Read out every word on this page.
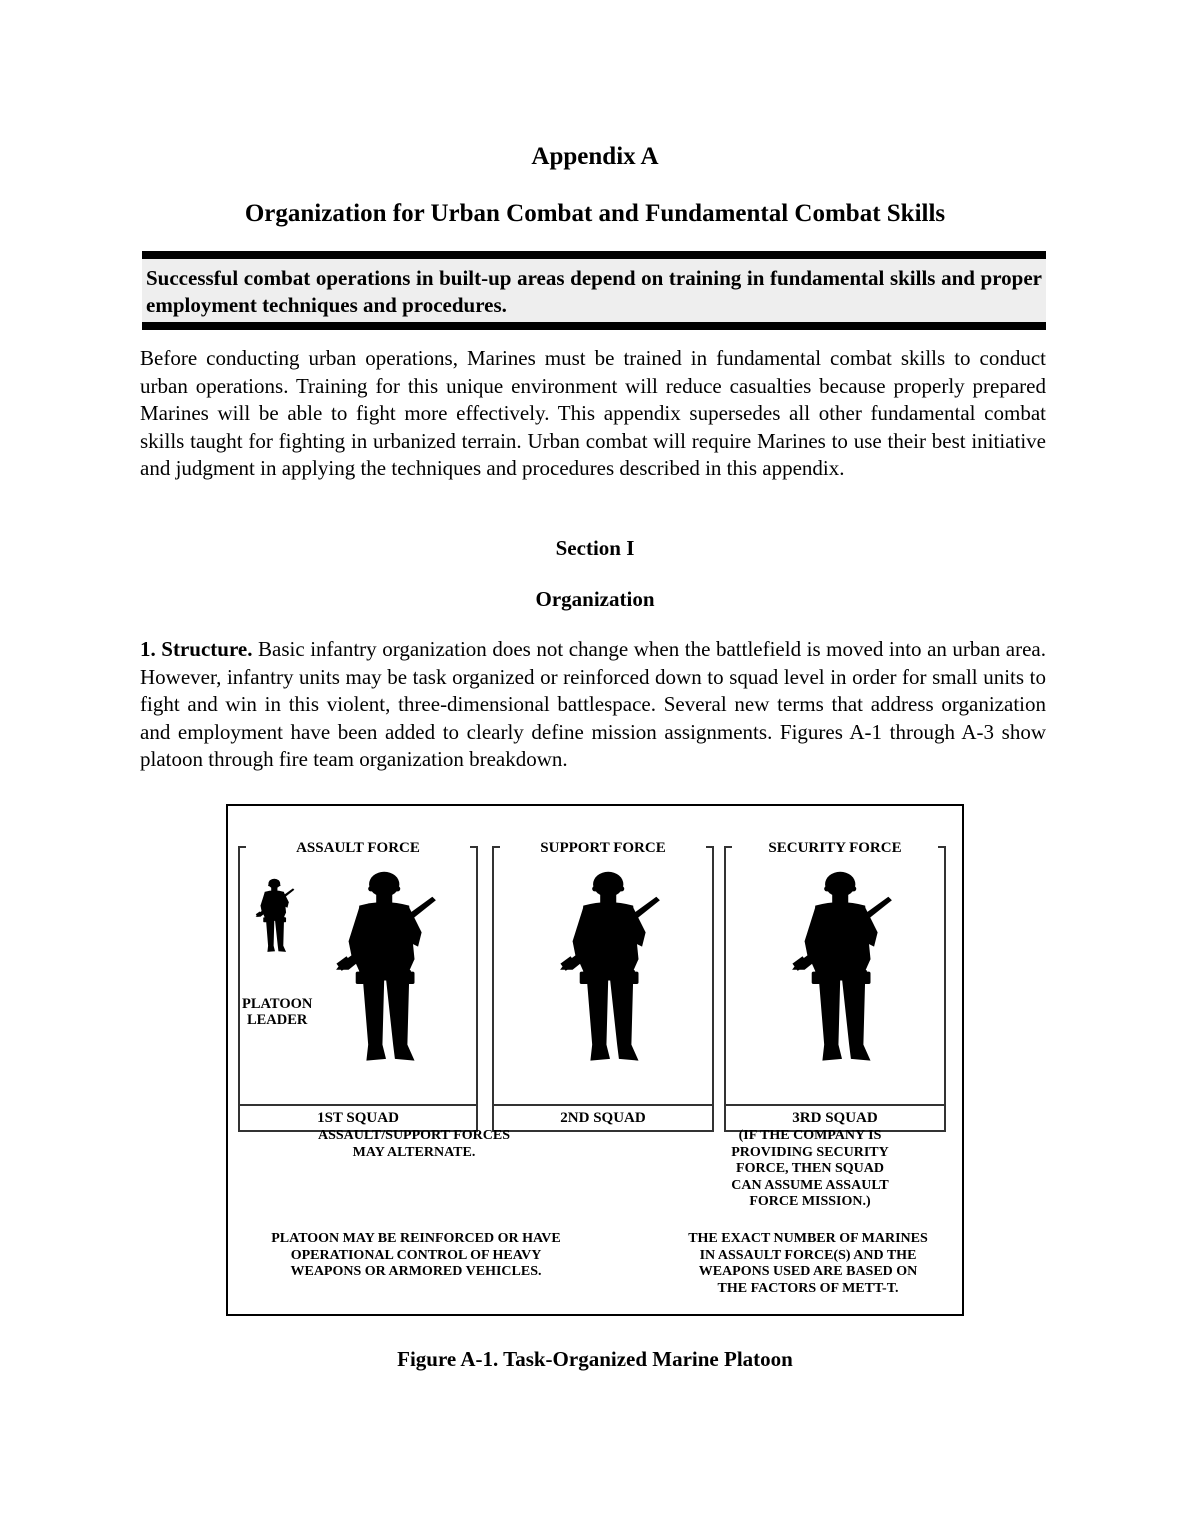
Appendix A
Organization for Urban Combat and Fundamental Combat Skills

Successful combat operations in built-up areas depend on training in fundamental skills and proper employment techniques and procedures.

Before conducting urban operations, Marines must be trained in fundamental combat skills to conduct urban operations. Training for this unique environment will reduce casualties because properly prepared Marines will be able to fight more effectively. This appendix supersedes all other fundamental combat skills taught for fighting in urbanized terrain. Urban combat will require Marines to use their best initiative and judgment in applying the techniques and procedures described in this appendix.

Section I
Organization

1. Structure. Basic infantry organization does not change when the battlefield is moved into an urban area. However, infantry units may be task organized or reinforced down to squad level in order for small units to fight and win in this violent, three-dimensional battlespace. Several new terms that address organization and employment have been added to clearly define mission assignments. Figures A-1 through A-3 show platoon through fire team organization breakdown.

ASSAULT FORCE
PLATOON
LEADER
1ST SQUAD
SUPPORT FORCE
2ND SQUAD
SECURITY FORCE
3RD SQUAD

ASSAULT/SUPPORT FORCES
MAY ALTERNATE.

(IF THE COMPANY IS
PROVIDING SECURITY
FORCE, THEN SQUAD
CAN ASSUME ASSAULT
FORCE MISSION.)

PLATOON MAY BE REINFORCED OR HAVE
OPERATIONAL CONTROL OF HEAVY
WEAPONS OR ARMORED VEHICLES.

THE EXACT NUMBER OF MARINES
IN ASSAULT FORCE(S) AND THE
WEAPONS USED ARE BASED ON
THE FACTORS OF METT-T.

Figure A-1. Task-Organized Marine Platoon
